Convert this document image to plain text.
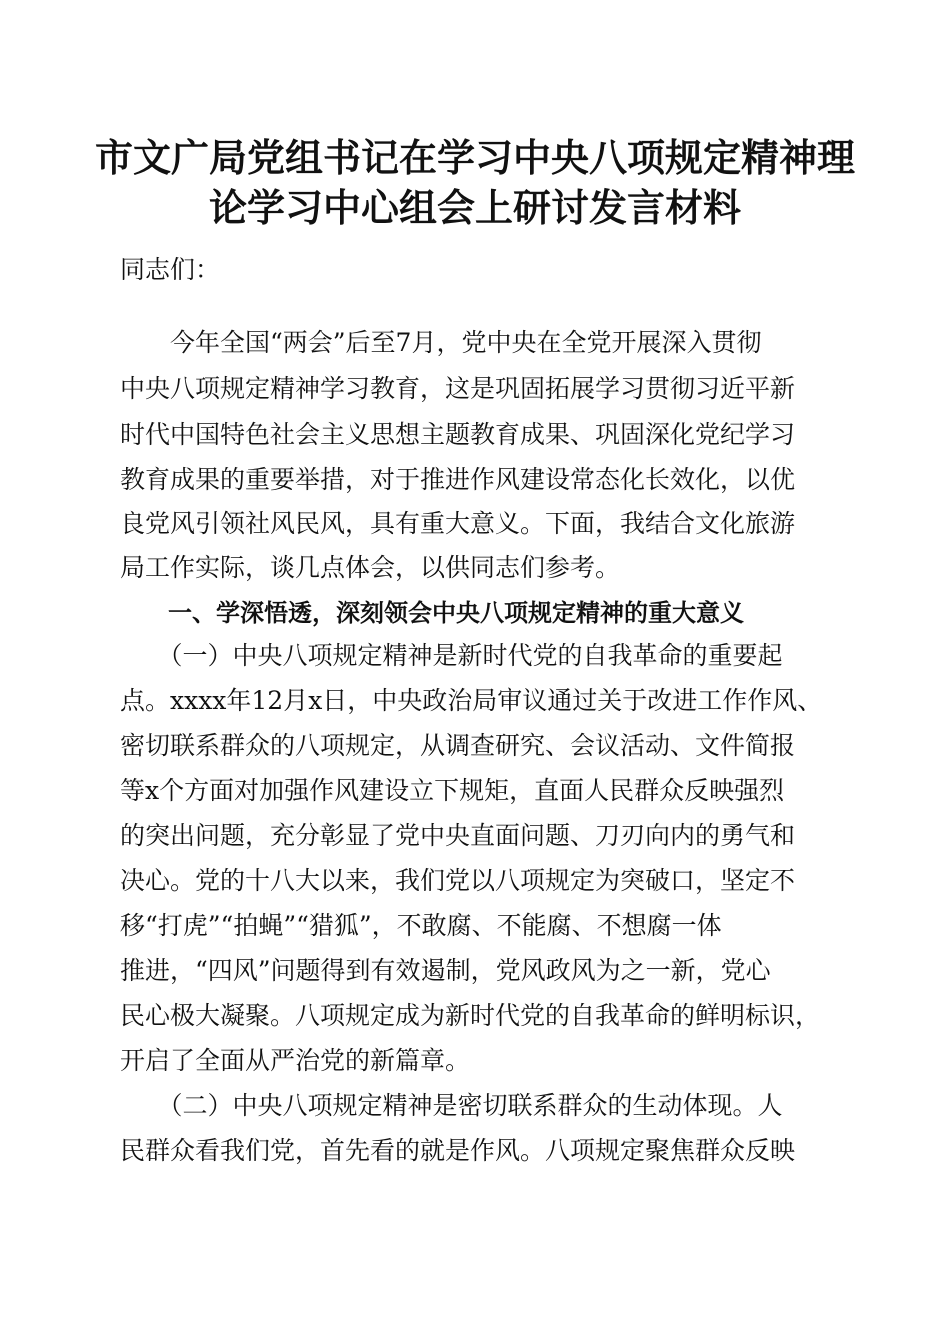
市文广局党组书记在学习中央八项规定精神理
论学习中心组会上研讨发言材料
同志们：
　　今年全国“两会”后至7月，党中央在全党开展深入贯彻
中央八项规定精神学习教育，这是巩固拓展学习贯彻习近平新
时代中国特色社会主义思想主题教育成果、巩固深化党纪学习
教育成果的重要举措，对于推进作风建设常态化长效化，以优
良党风引领社风民风，具有重大意义。下面，我结合文化旅游
局工作实际，谈几点体会，以供同志们参考。
　　一、学深悟透，深刻领会中央八项规定精神的重大意义
　　（一）中央八项规定精神是新时代党的自我革命的重要起
点。xxxx年12月x日，中央政治局审议通过关于改进工作作风、
密切联系群众的八项规定，从调查研究、会议活动、文件简报
等x个方面对加强作风建设立下规矩，直面人民群众反映强烈
的突出问题，充分彰显了党中央直面问题、刀刃向内的勇气和
决心。党的十八大以来，我们党以八项规定为突破口，坚定不
移“打虎”“拍蝇”“猎狐”，不敢腐、不能腐、不想腐一体
推进，“四风”问题得到有效遏制，党风政风为之一新，党心
民心极大凝聚。八项规定成为新时代党的自我革命的鲜明标识，
开启了全面从严治党的新篇章。
　　（二）中央八项规定精神是密切联系群众的生动体现。人
民群众看我们党，首先看的就是作风。八项规定聚焦群众反映
